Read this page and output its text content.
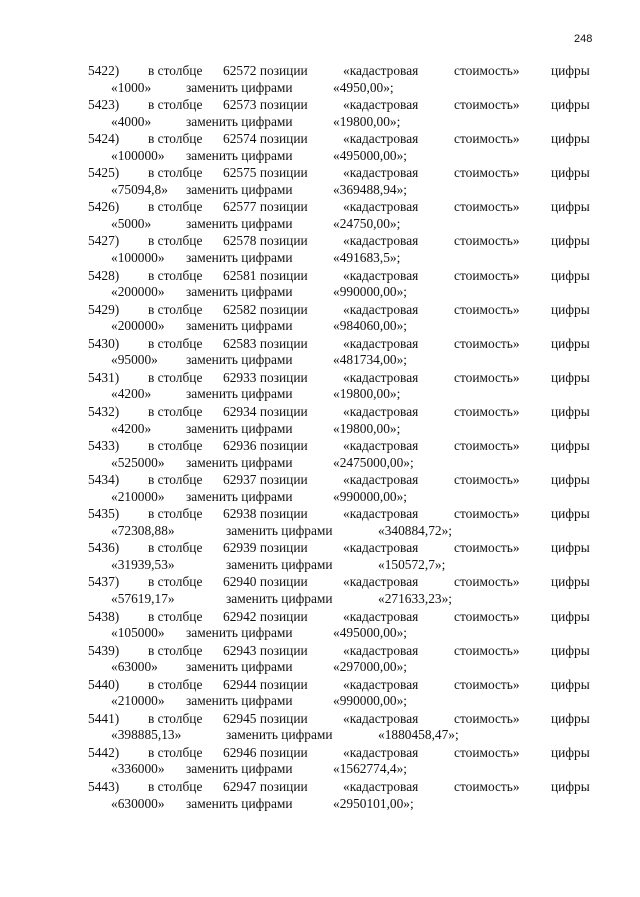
248
5422) в столбце 62572 позиции	«кадастровая	стоимость» цифры
«1000»	заменить цифрами	«4950,00»;
5423) в столбце 62573 позиции	«кадастровая	стоимость» цифры
«4000»	заменить цифрами	«19800,00»;
5424) в столбце 62574 позиции	«кадастровая	стоимость» цифры
«100000» заменить цифрами	«495000,00»;
5425) в столбце 62575 позиции	«кадастровая	стоимость» цифры
«75094,8» заменить цифрами	«369488,94»;
5426) в столбце 62577 позиции	«кадастровая	стоимость» цифры
«5000»	заменить цифрами	«24750,00»;
5427) в столбце 62578 позиции	«кадастровая	стоимость» цифры
«100000» заменить цифрами	«491683,5»;
5428) в столбце 62581 позиции	«кадастровая	стоимость» цифры
«200000» заменить цифрами	«990000,00»;
5429) в столбце 62582 позиции	«кадастровая	стоимость» цифры
«200000» заменить цифрами	«984060,00»;
5430) в столбце 62583 позиции	«кадастровая	стоимость» цифры
«95000» заменить цифрами	«481734,00»;
5431) в столбце 62933 позиции	«кадастровая	стоимость» цифры
«4200»	заменить цифрами	«19800,00»;
5432) в столбце 62934 позиции	«кадастровая	стоимость» цифры
«4200»	заменить цифрами	«19800,00»;
5433) в столбце 62936 позиции	«кадастровая	стоимость» цифры
«525000» заменить цифрами	«2475000,00»;
5434) в столбце 62937 позиции	«кадастровая	стоимость» цифры
«210000» заменить цифрами	«990000,00»;
5435) в столбце 62938 позиции	«кадастровая	стоимость» цифры
«72308,88»	заменить цифрами	«340884,72»;
5436) в столбце 62939 позиции	«кадастровая	стоимость» цифры
«31939,53»	заменить цифрами	«150572,7»;
5437) в столбце 62940 позиции	«кадастровая	стоимость» цифры
«57619,17»	заменить цифрами	«271633,23»;
5438) в столбце 62942 позиции	«кадастровая	стоимость» цифры
«105000» заменить цифрами	«495000,00»;
5439) в столбце 62943 позиции	«кадастровая	стоимость» цифры
«63000» заменить цифрами	«297000,00»;
5440) в столбце 62944 позиции	«кадастровая	стоимость» цифры
«210000» заменить цифрами	«990000,00»;
5441) в столбце 62945 позиции	«кадастровая	стоимость» цифры
«398885,13»	заменить цифрами	«1880458,47»;
5442) в столбце 62946 позиции	«кадастровая	стоимость» цифры
«336000» заменить цифрами	«1562774,4»;
5443) в столбце 62947 позиции	«кадастровая	стоимость» цифры
«630000» заменить цифрами	«2950101,00»;
